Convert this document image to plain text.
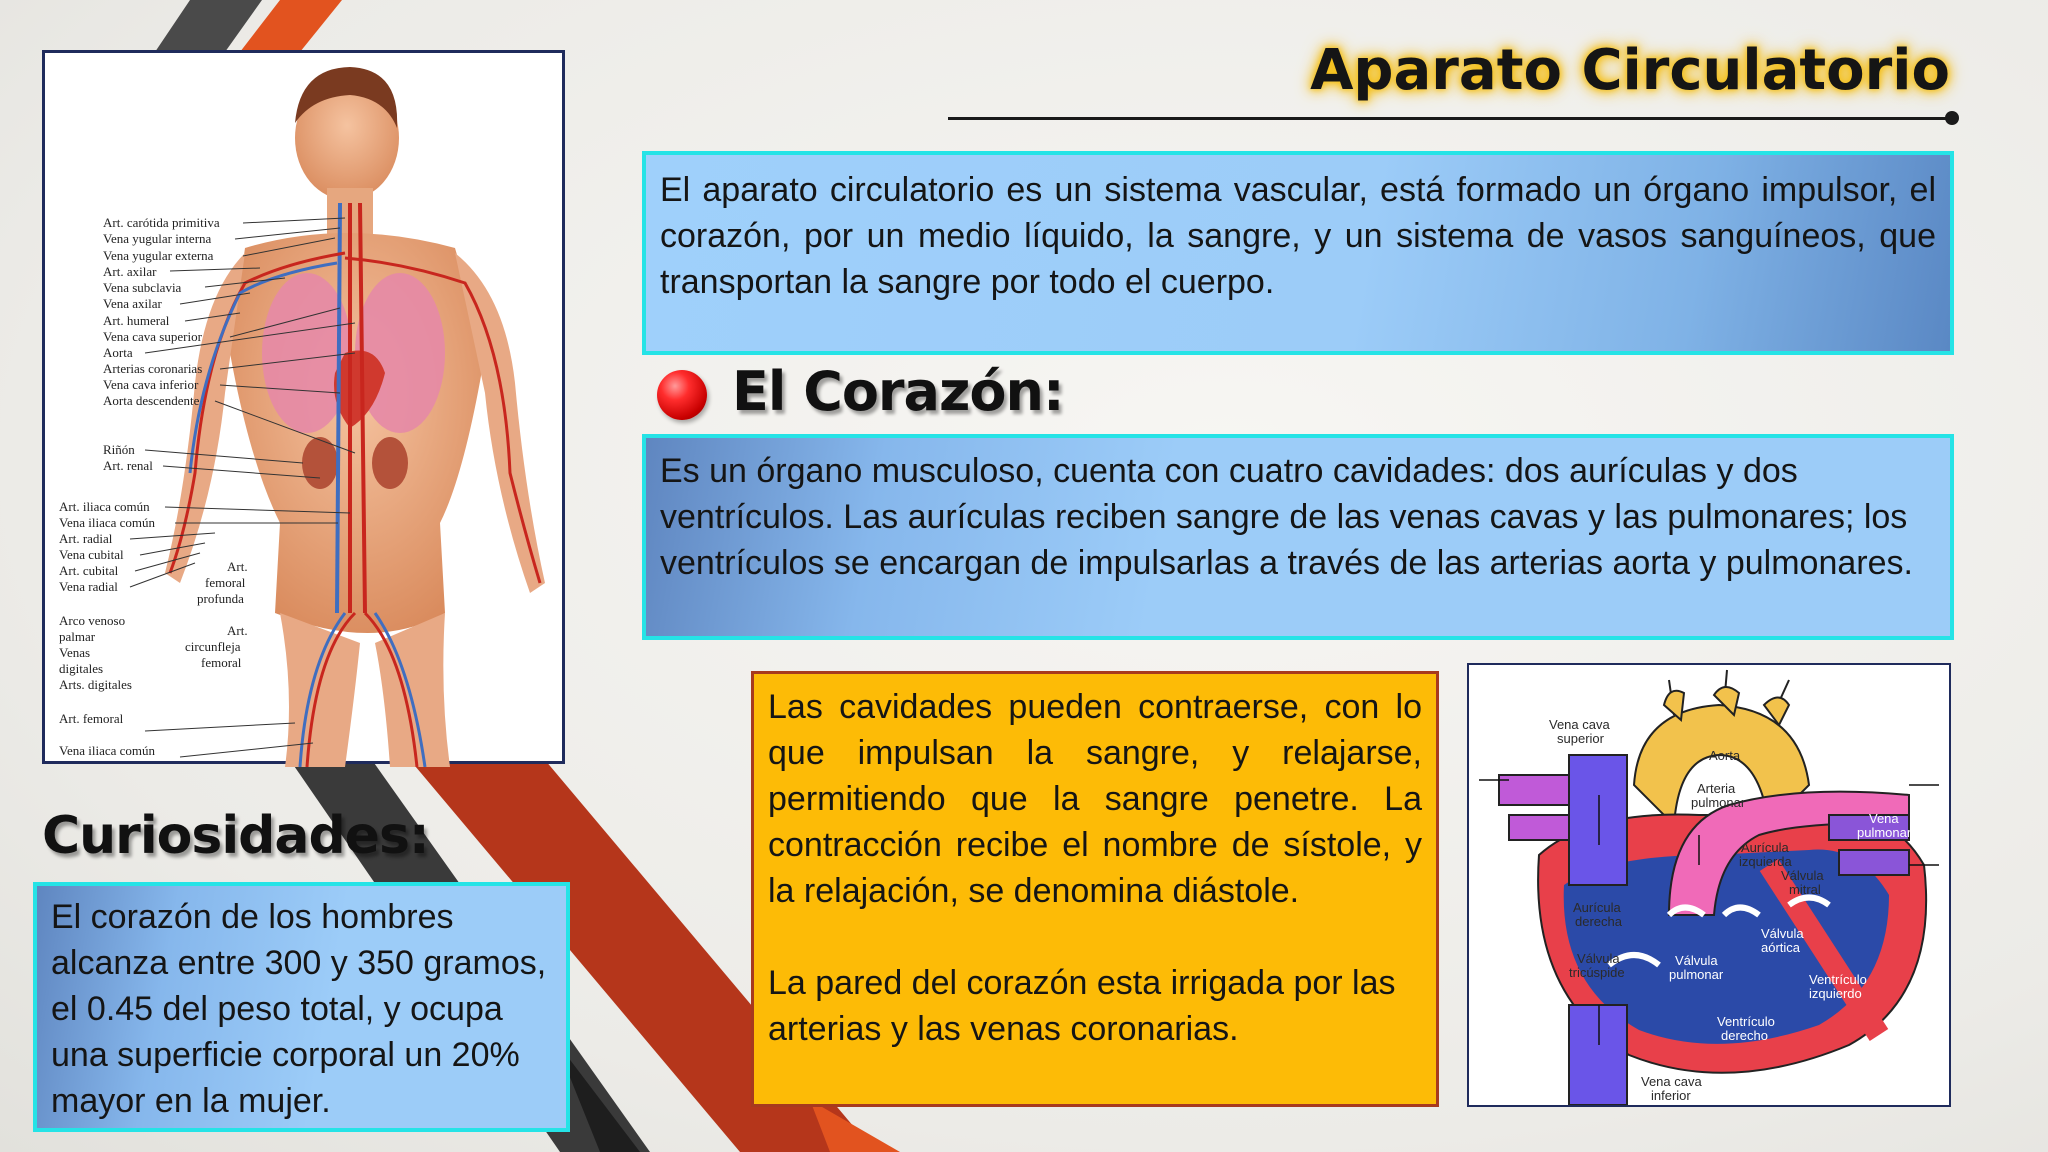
Aparato Circulatorio

El aparato circulatorio es un sistema vascular, está formado un órgano impulsor, el corazón, por un medio líquido, la sangre, y un sistema de vasos sanguíneos, que transportan la sangre por todo el cuerpo.

El Corazón:

Es un órgano musculoso, cuenta con cuatro cavidades: dos aurículas y dos ventrículos. Las aurículas reciben sangre de las venas cavas y las pulmonares; los ventrículos se encargan de impulsarlas a través de las arterias aorta y pulmonares.

Las cavidades pueden contraerse, con lo que impulsan la sangre, y relajarse, permitiendo que la sangre penetre. La contracción recibe el nombre de sístole, y la relajación, se denomina diástole.

La pared del corazón esta irrigada por las arterias y las venas coronarias.

Curiosidades:

El corazón de los hombres alcanza entre 300 y 350 gramos, el 0.45 del peso total, y ocupa una superficie corporal un 20% mayor en la mujer.

Art. carótida primitiva
Vena yugular interna
Vena yugular externa
Art. axilar
Vena subclavia
Vena axilar
Art. humeral
Vena cava superior
Aorta
Arterias coronarias
Vena cava inferior
Aorta descendente
Riñón
Art. renal
Art. iliaca común
Vena iliaca común
Art. radial
Vena cubital
Art. cubital
Vena radial
Arco venoso
palmar
Venas
digitales
Arts. digitales
Art. femoral
Vena iliaca común
Art.
femoral
profunda
Art.
circunfleja
femoral
Vena cava
superior
Aorta
Arteria
pulmonar
Vena
pulmonar
Aurícula
izquierda
Válvula
mitral
Aurícula
derecha
Válvula
aórtica
Válvula
tricúspide
Válvula
pulmonar	Ventrículo
izquierdo
Ventrículo
derecho
Vena cava
inferior
